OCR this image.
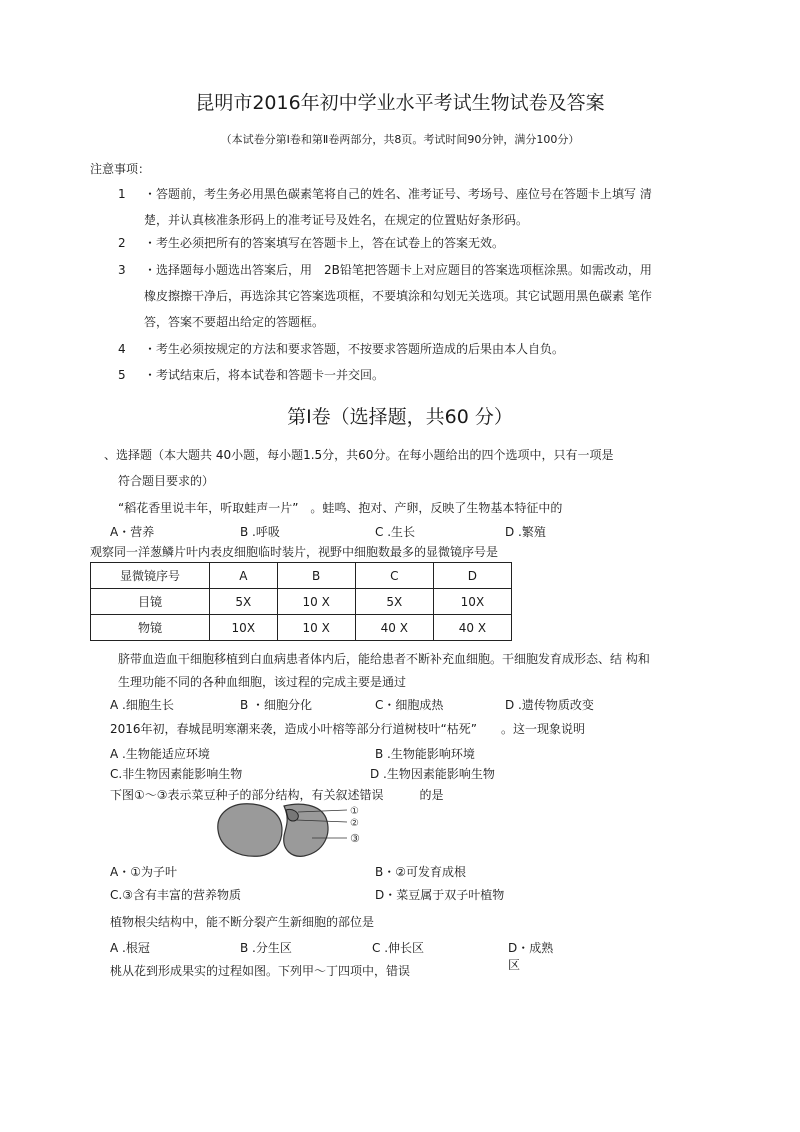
昆明市2016年初中学业水平考试生物试卷及答案
（本试卷分第Ⅰ卷和第Ⅱ卷两部分，共8页。考试时间90分钟，满分100分）
注意事项：
1 ・答题前，考生务必用黑色碳素笔将自己的姓名、准考证号、考场号、座位号在答题卡上填写 清
楚，并认真核准条形码上的准考证号及姓名，在规定的位置贴好条形码。
2 ・考生必须把所有的答案填写在答题卡上，答在试卷上的答案无效。
3 ・选择题每小题选出答案后，用　2B铅笔把答题卡上对应题目的答案选项框涂黑。如需改动，用
橡皮擦擦干净后，再选涂其它答案选项框，不要填涂和勾划无关选项。其它试题用黑色碳素 笔作
答，答案不要超出给定的答题框。
4 ・考生必须按规定的方法和要求答题，不按要求答题所造成的后果由本人自负。
5 ・考试结束后，将本试卷和答题卡一并交回。
第Ⅰ卷（选择题，共60 分）
、选择题（本大题共 40小题，每小题1.5分，共60分。在每小题给出的四个选项中，只有一项是
符合题目要求的）
“稻花香里说丰年，听取蛙声一片”　。蛙鸣、抱对、产卵，反映了生物基本特征中的
A・营养	B .呼吸	C .生长	D .繁殖
观察同一洋葱鳞片叶内表皮细胞临时装片，视野中细胞数最多的显微镜序号是
显微镜序号	A	B	C	D
目镜	5X	10 X	5X	10X
物镜	10X	10 X	40 X	40 X
脐带血造血干细胞移植到白血病患者体内后，能给患者不断补充血细胞。干细胞发育成形态、结 构和
生理功能不同的各种血细胞，该过程的完成主要是通过
A .细胞生长	B ・细胞分化	C・细胞成热	D .遗传物质改变
2016年初，春城昆明寒潮来袭，造成小叶榕等部分行道树枝叶“枯死”　　。这一现象说明
A .生物能适应环境	B .生物能影响环境
C.非生物因素能影响生物	D .生物因素能影响生物
下图①～③表示菜豆种子的部分结构，有关叙述错误　　　的是
①
②
③
A・①为子叶	B・②可发育成根
C.③含有丰富的营养物质	D・菜豆属于双子叶植物
植物根尖结构中，能不断分裂产生新细胞的部位是
A .根冠	B .分生区	C .伸长区	D・成熟
区
桃从花到形成果实的过程如图。下列甲～丁四项中，错误
